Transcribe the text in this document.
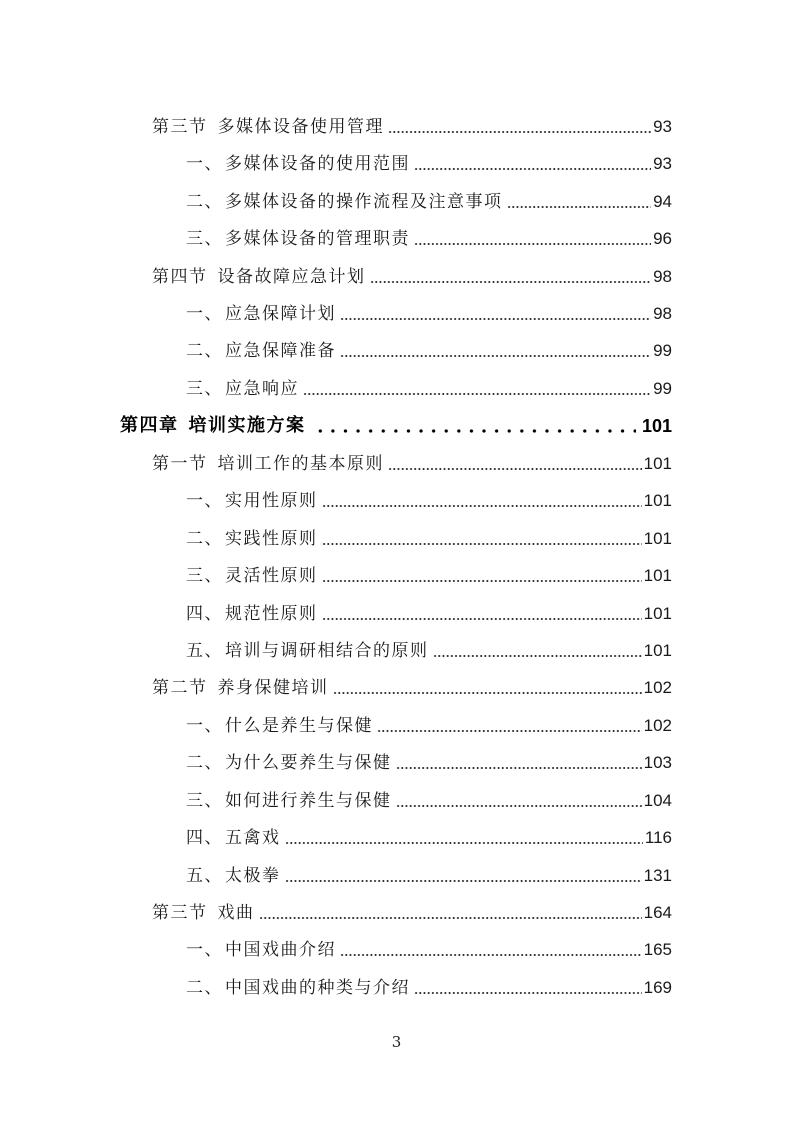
第三节 多媒体设备使用管理	93
一、 多媒体设备的使用范围	93
二、 多媒体设备的操作流程及注意事项	94
三、 多媒体设备的管理职责	96
第四节 设备故障应急计划	98
一、 应急保障计划	98
二、 应急保障准备	99
三、 应急响应	99
第四章 培训实施方案	101
第一节 培训工作的基本原则	101
一、 实用性原则	101
二、 实践性原则	101
三、 灵活性原则	101
四、 规范性原则	101
五、 培训与调研相结合的原则	101
第二节 养身保健培训	102
一、 什么是养生与保健	102
二、 为什么要养生与保健	103
三、 如何进行养生与保健	104
四、 五禽戏	116
五、 太极拳	131
第三节 戏曲	164
一、 中国戏曲介绍	165
二、 中国戏曲的种类与介绍	169
3
